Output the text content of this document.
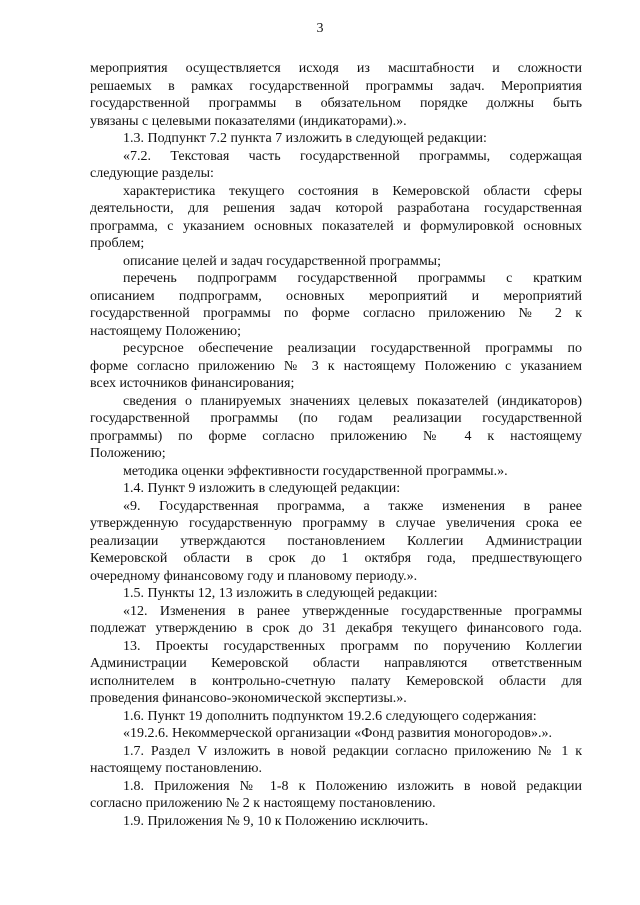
3
мероприятия осуществляется исходя из масштабности и сложности
решаемых в рамках государственной программы задач. Мероприятия
государственной программы в обязательном порядке должны быть
увязаны с целевыми показателями (индикаторами).».
1.3. Подпункт 7.2 пункта 7 изложить в следующей редакции:
«7.2. Текстовая часть государственной программы, содержащая
следующие разделы:
характеристика текущего состояния в Кемеровской области сферы
деятельности, для решения задач которой разработана государственная
программа, с указанием основных показателей и формулировкой основных
проблем;
описание целей и задач государственной программы;
перечень подпрограмм государственной программы с кратким
описанием подпрограмм, основных мероприятий и мероприятий
государственной программы по форме согласно приложению № 2 к
настоящему Положению;
ресурсное обеспечение реализации государственной программы по
форме согласно приложению № 3 к настоящему Положению с указанием
всех источников финансирования;
сведения о планируемых значениях целевых показателей (индикаторов)
государственной программы (по годам реализации государственной
программы) по форме согласно приложению № 4 к настоящему
Положению;
методика оценки эффективности государственной программы.».
1.4. Пункт 9 изложить в следующей редакции:
«9. Государственная программа, а также изменения в ранее
утвержденную государственную программу в случае увеличения срока ее
реализации утверждаются постановлением Коллегии Администрации
Кемеровской области в срок до 1 октября года, предшествующего
очередному финансовому году и плановому периоду.».
1.5. Пункты 12, 13 изложить в следующей редакции:
«12. Изменения в ранее утвержденные государственные программы
подлежат утверждению в срок до 31 декабря текущего финансового года.
13. Проекты государственных программ по поручению Коллегии
Администрации Кемеровской области направляются ответственным
исполнителем в контрольно-счетную палату Кемеровской области для
проведения финансово-экономической экспертизы.».
1.6. Пункт 19 дополнить подпунктом 19.2.6 следующего содержания:
«19.2.6. Некоммерческой организации «Фонд развития моногородов».».
1.7. Раздел V изложить в новой редакции согласно приложению № 1 к
настоящему постановлению.
1.8. Приложения № 1-8 к Положению изложить в новой редакции
согласно приложению № 2 к настоящему постановлению.
1.9. Приложения № 9, 10 к Положению исключить.
